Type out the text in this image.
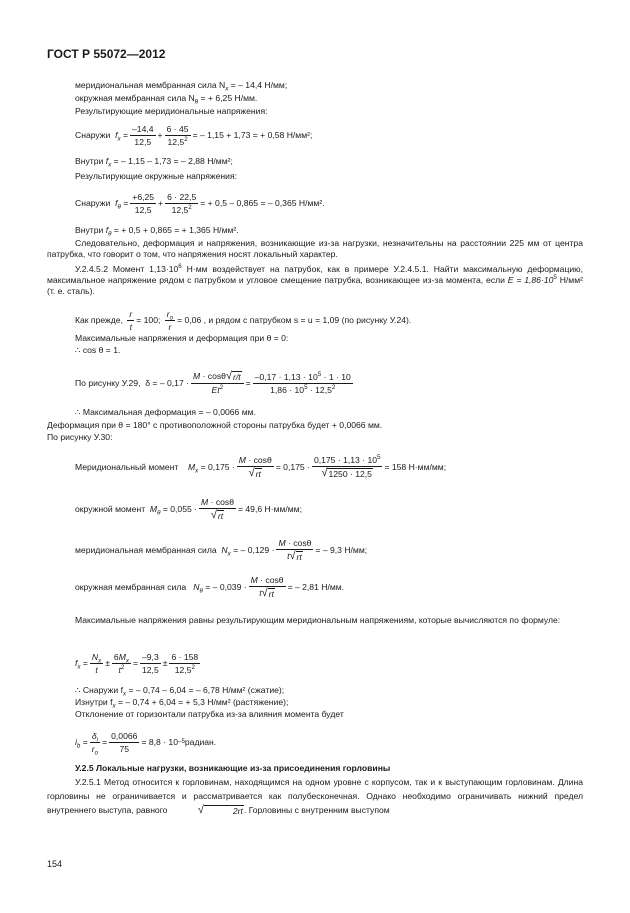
ГОСТ Р 55072—2012
меридиональная мембранная сила $N_x$ = – 14,4 Н/мм;
окружная мембранная сила $N_\theta$ = + 6,25 Н/мм.
Результирующие меридиональные напряжения:
Снаружи
$f_x = \frac{-14,4}{12,5} + \frac{6 \cdot 45}{12,5^2}$ = – 1,15 + 1,73 = + 0,58 Н/мм²;
Внутри $f_x$ = – 1,15 – 1,73 = – 2,88 Н/мм²;
Результирующие окружные напряжения:
Снаружи
$f_\theta = \frac{+6,25}{12,5} + \frac{6 \cdot 22,5}{12,5^2}$ = + 0,5 – 0,865 = – 0,365 Н/мм².
Внутри $f_\theta$ = + 0,5 + 0,865 = + 1,365 Н/мм².
Следовательно, деформация и напряжения, возникающие из-за нагрузки, незначительны на расстоянии 225 мм от центра патрубка, что говорит о том, что напряжения носят локальный характер.
У.2.4.5.2 Момент $1,13\cdot 10^6$ Н·мм воздействует на патрубок, как в примере У.2.4.5.1. Найти максимальную деформацию, максимальное напряжение рядом с патрубком и угловое смещение патрубка, возникающее из-за момента, если $E = 1,86\cdot 10^5$ Н/мм² (т. е. сталь).
Как прежде,
$\frac{r}{t} = 100$;
$\frac{r_o}{r} = 0,06$ , и рядом с патрубком s = u = 1,09 (по рисунку У.24).
Максимальные напряжения и деформация при θ = 0:
∴ cos θ = 1.
По рисунку У.29,
δ = – $0,17 \cdot \frac{M \cdot \cos\theta √ r/t}{Et^2} = \frac{-0,17 \cdot 1,13 \cdot 10^5 \cdot 1 \cdot 10}{1,86 \cdot 10^5 \cdot 12,5^2}$
∴ Максимальная деформация = – 0,0066 мм.
Деформация при θ = 180° с противоположной стороны патрубка будет + 0,0066 мм.
По рисунку У.30:
Меридиональный момент
$M_x$
= $0,175 \cdot \frac{M \cdot \cos\theta}{√ rt} = 0,175 \cdot \frac{0,175 \cdot 1,13 \cdot 10^5}{√ 1250 \cdot 12,5} = 158$ Н·мм/мм;
окружной момент
$M_\theta$
= $0,055 \cdot \frac{M \cdot \cos\theta}{√ rt} = 49,6$ Н·мм/мм;
меридиональная мембранная сила
$N_x$
= – $0,129 \cdot \frac{M \cdot \cos\theta}{t √ rt}$ = – 9,3 Н/мм;
окружная мембранная сила
$N_\theta$
= – $0,039 \cdot \frac{M \cdot \cos\theta}{t √ rt}$ = – 2,81 Н/мм.
Максимальные напряжения равны результирующим меридиональным напряжениям, которые вычисляются по формуле:
$f_x = \frac{N_x}{t} \pm \frac{6M_x}{t^2} = \frac{-9,3}{12,5} \pm \frac{6 \cdot 158}{12,5^2}$
∴ Снаружи $f_x$ = – 0,74 – 6,04 = – 6,78 Н/мм² (сжатие);
Изнутри $f_x$ = – 0,74 + 6,04 = + 5,3 Н/мм² (растяжение);
Отклонение от горизонтали патрубка из-за влияния момента будет
$i_b = \frac{\delta_i}{r_o} = \frac{0,0066}{75} = 8,8 \cdot 10$ –5 радиан.
У.2.5 Локальные нагрузки, возникающие из-за присоединения горловины
У.2.5.1 Метод относится к горловинам, находящимся на одном уровне с корпусом, так и к выступающим горловинам. Длина горловины не ограничивается и рассматривается как полубесконечная. Однако необходимо ограничивать нижний предел внутреннего выступа, равного	√	2rt . Горловины с внутренним выступом
154
